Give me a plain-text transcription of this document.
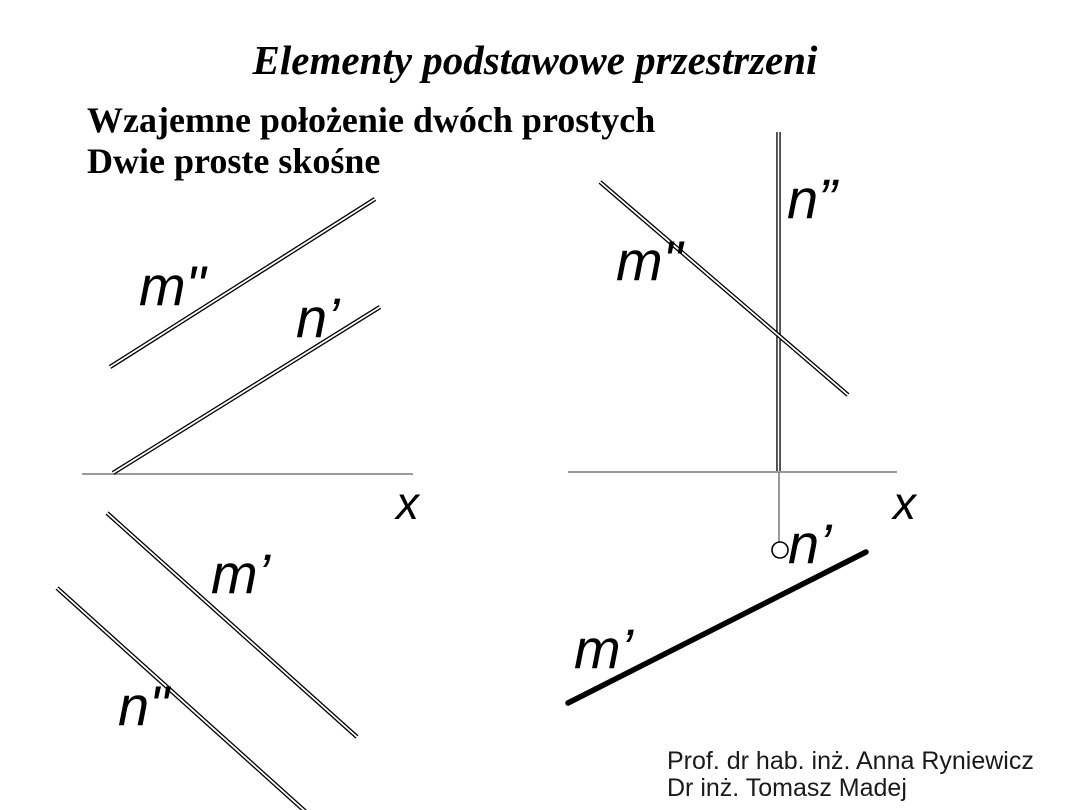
Elementy podstawowe przestrzeni
Wzajemne położenie dwóch prostych
Dwie proste skośne
m"
n’
m’
n"
x
n”
m"
n’
m’
x
Prof. dr hab. inż. Anna Ryniewicz
Dr inż. Tomasz Madej
